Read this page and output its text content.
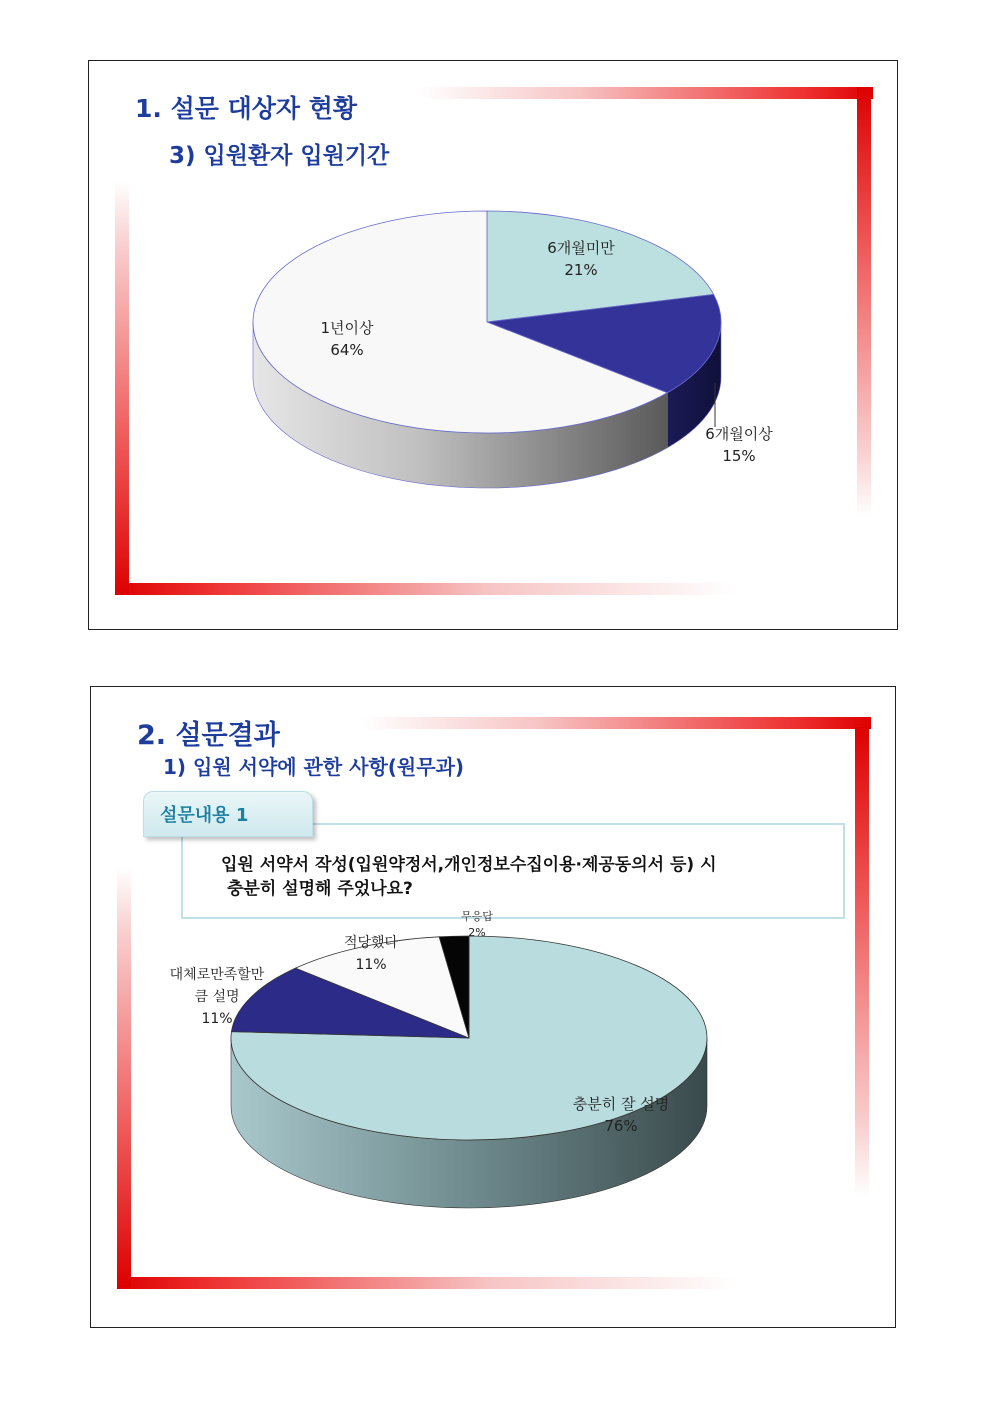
1. 설문 대상자 현황
3) 입원환자 입원기간
6개월미만
21%
6개월이상
15%
1년이상
64%
2. 설문결과
1) 입원 서약에 관한 사항(원무과)
설문내용 1
입원 서약서 작성(입원약정서,개인정보수집이용·제공동의서 등) 시
충분히 설명해 주었나요?
충분히 잘 설명
76%
대체로만족할만
큼 설명
11%
적당했다
11%
무응답
2%
